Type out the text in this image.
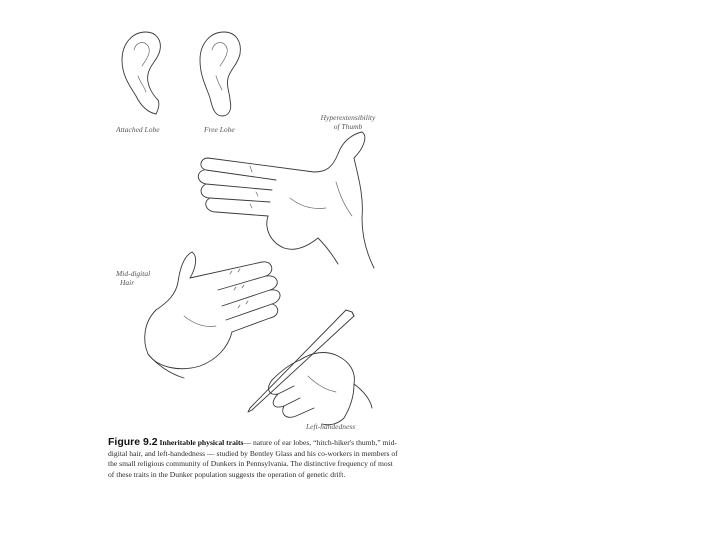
Attached Lobe	Free Lobe
Hyperextensibility
of Thumb
Mid-digital
Hair
Left-handedness
Figure 9.2 Inheritable physical traits— nature of ear lobes, “hitch-hiker's thumb,” mid-digital hair, and left-handedness — studied by Bentley Glass and his co-workers in members of the small religious community of Dunkers in Pennsylvania. The distinctive frequency of most of these traits in the Dunker population suggests the operation of genetic drift.
